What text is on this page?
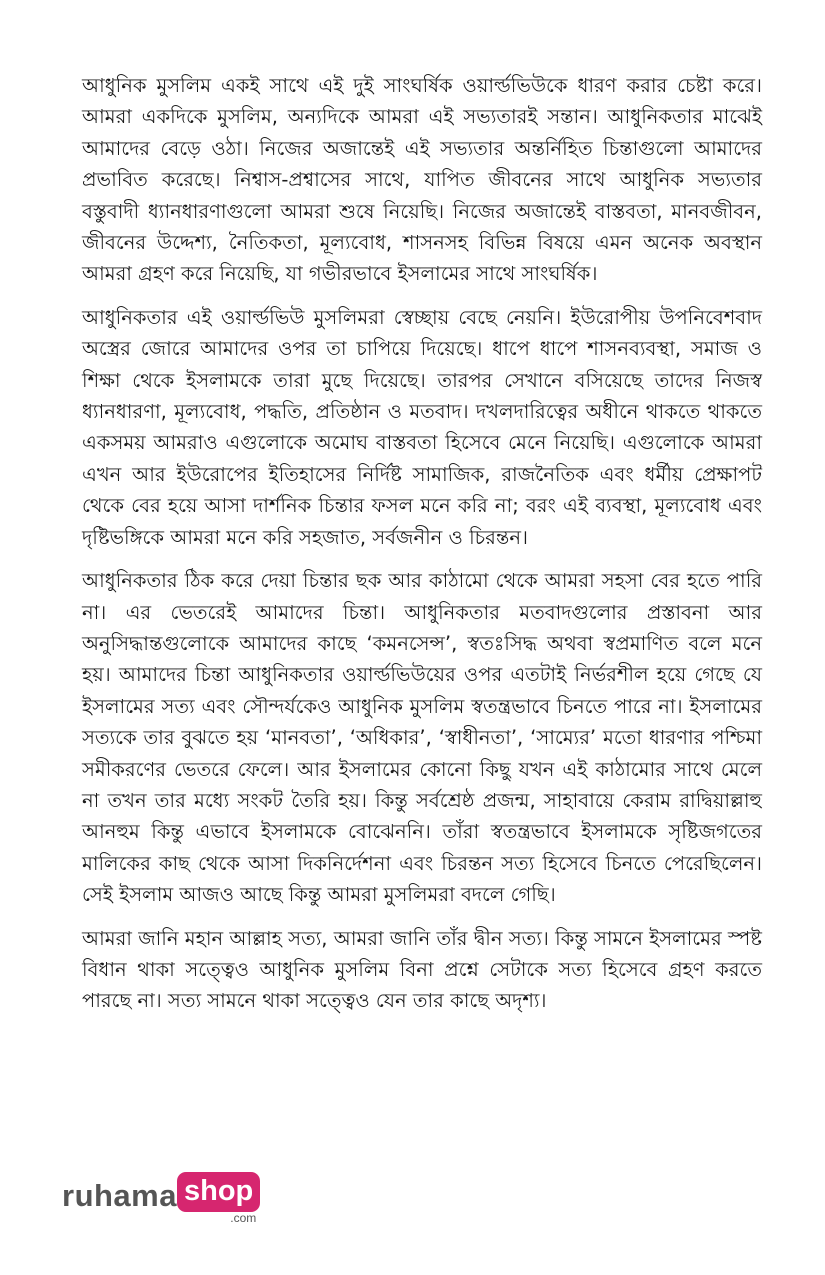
আধুনিক মুসলিম একই সাথে এই দুই সাংঘর্ষিক ওয়ার্ল্ডভিউকে ধারণ করার চেষ্টা করে। আমরা একদিকে মুসলিম, অন্যদিকে আমরা এই সভ্যতারই সন্তান। আধুনিকতার মাঝেই আমাদের বেড়ে ওঠা। নিজের অজান্তেই এই সভ্যতার অন্তর্নিহিত চিন্তাগুলো আমাদের প্রভাবিত করেছে। নিশ্বাস-প্রশ্বাসের সাথে, যাপিত জীবনের সাথে আধুনিক সভ্যতার বস্তুবাদী ধ্যানধারণাগুলো আমরা শুষে নিয়েছি। নিজের অজান্তেই বাস্তবতা, মানবজীবন, জীবনের উদ্দেশ্য, নৈতিকতা, মূল্যবোধ, শাসনসহ বিভিন্ন বিষয়ে এমন অনেক অবস্থান আমরা গ্রহণ করে নিয়েছি, যা গভীরভাবে ইসলামের সাথে সাংঘর্ষিক।

আধুনিকতার এই ওয়ার্ল্ডভিউ মুসলিমরা স্বেচ্ছায় বেছে নেয়নি। ইউরোপীয় উপনিবেশবাদ অস্ত্রের জোরে আমাদের ওপর তা চাপিয়ে দিয়েছে। ধাপে ধাপে শাসনব্যবস্থা, সমাজ ও শিক্ষা থেকে ইসলামকে তারা মুছে দিয়েছে। তারপর সেখানে বসিয়েছে তাদের নিজস্ব ধ্যানধারণা, মূল্যবোধ, পদ্ধতি, প্রতিষ্ঠান ও মতবাদ। দখলদারিত্বের অধীনে থাকতে থাকতে একসময় আমরাও এগুলোকে অমোঘ বাস্তবতা হিসেবে মেনে নিয়েছি। এগুলোকে আমরা এখন আর ইউরোপের ইতিহাসের নির্দিষ্ট সামাজিক, রাজনৈতিক এবং ধর্মীয় প্রেক্ষাপট থেকে বের হয়ে আসা দার্শনিক চিন্তার ফসল মনে করি না; বরং এই ব্যবস্থা, মূল্যবোধ এবং দৃষ্টিভঙ্গিকে আমরা মনে করি সহজাত, সর্বজনীন ও চিরন্তন।

আধুনিকতার ঠিক করে দেয়া চিন্তার ছক আর কাঠামো থেকে আমরা সহসা বের হতে পারি না। এর ভেতরেই আমাদের চিন্তা। আধুনিকতার মতবাদগুলোর প্রস্তাবনা আর অনুসিদ্ধান্তগুলোকে আমাদের কাছে ‘কমনসেন্স’, স্বতঃসিদ্ধ অথবা স্বপ্রমাণিত বলে মনে হয়। আমাদের চিন্তা আধুনিকতার ওয়ার্ল্ডভিউয়ের ওপর এতটাই নির্ভরশীল হয়ে গেছে যে ইসলামের সত্য এবং সৌন্দর্যকেও আধুনিক মুসলিম স্বতন্ত্রভাবে চিনতে পারে না। ইসলামের সত্যকে তার বুঝতে হয় ‘মানবতা’, ‘অধিকার’, ‘স্বাধীনতা’, ‘সাম্যের’ মতো ধারণার পশ্চিমা সমীকরণের ভেতরে ফেলে। আর ইসলামের কোনো কিছু যখন এই কাঠামোর সাথে মেলে না তখন তার মধ্যে সংকট তৈরি হয়। কিন্তু সর্বশ্রেষ্ঠ প্রজন্ম, সাহাবায়ে কেরাম রাদ্বিয়াল্লাহু আনহুম কিন্তু এভাবে ইসলামকে বোঝেননি। তাঁরা স্বতন্ত্রভাবে ইসলামকে সৃষ্টিজগতের মালিকের কাছ থেকে আসা দিকনির্দেশনা এবং চিরন্তন সত্য হিসেবে চিনতে পেরেছিলেন। সেই ইসলাম আজও আছে কিন্তু আমরা মুসলিমরা বদলে গেছি।

আমরা জানি মহান আল্লাহ সত্য, আমরা জানি তাঁর দ্বীন সত্য। কিন্তু সামনে ইসলামের স্পষ্ট বিধান থাকা সত্ত্বেও আধুনিক মুসলিম বিনা প্রশ্নে সেটাকে সত্য হিসেবে গ্রহণ করতে পারছে না। সত্য সামনে থাকা সত্ত্বেও যেন তার কাছে অদৃশ্য।

ruhama shop
.com
